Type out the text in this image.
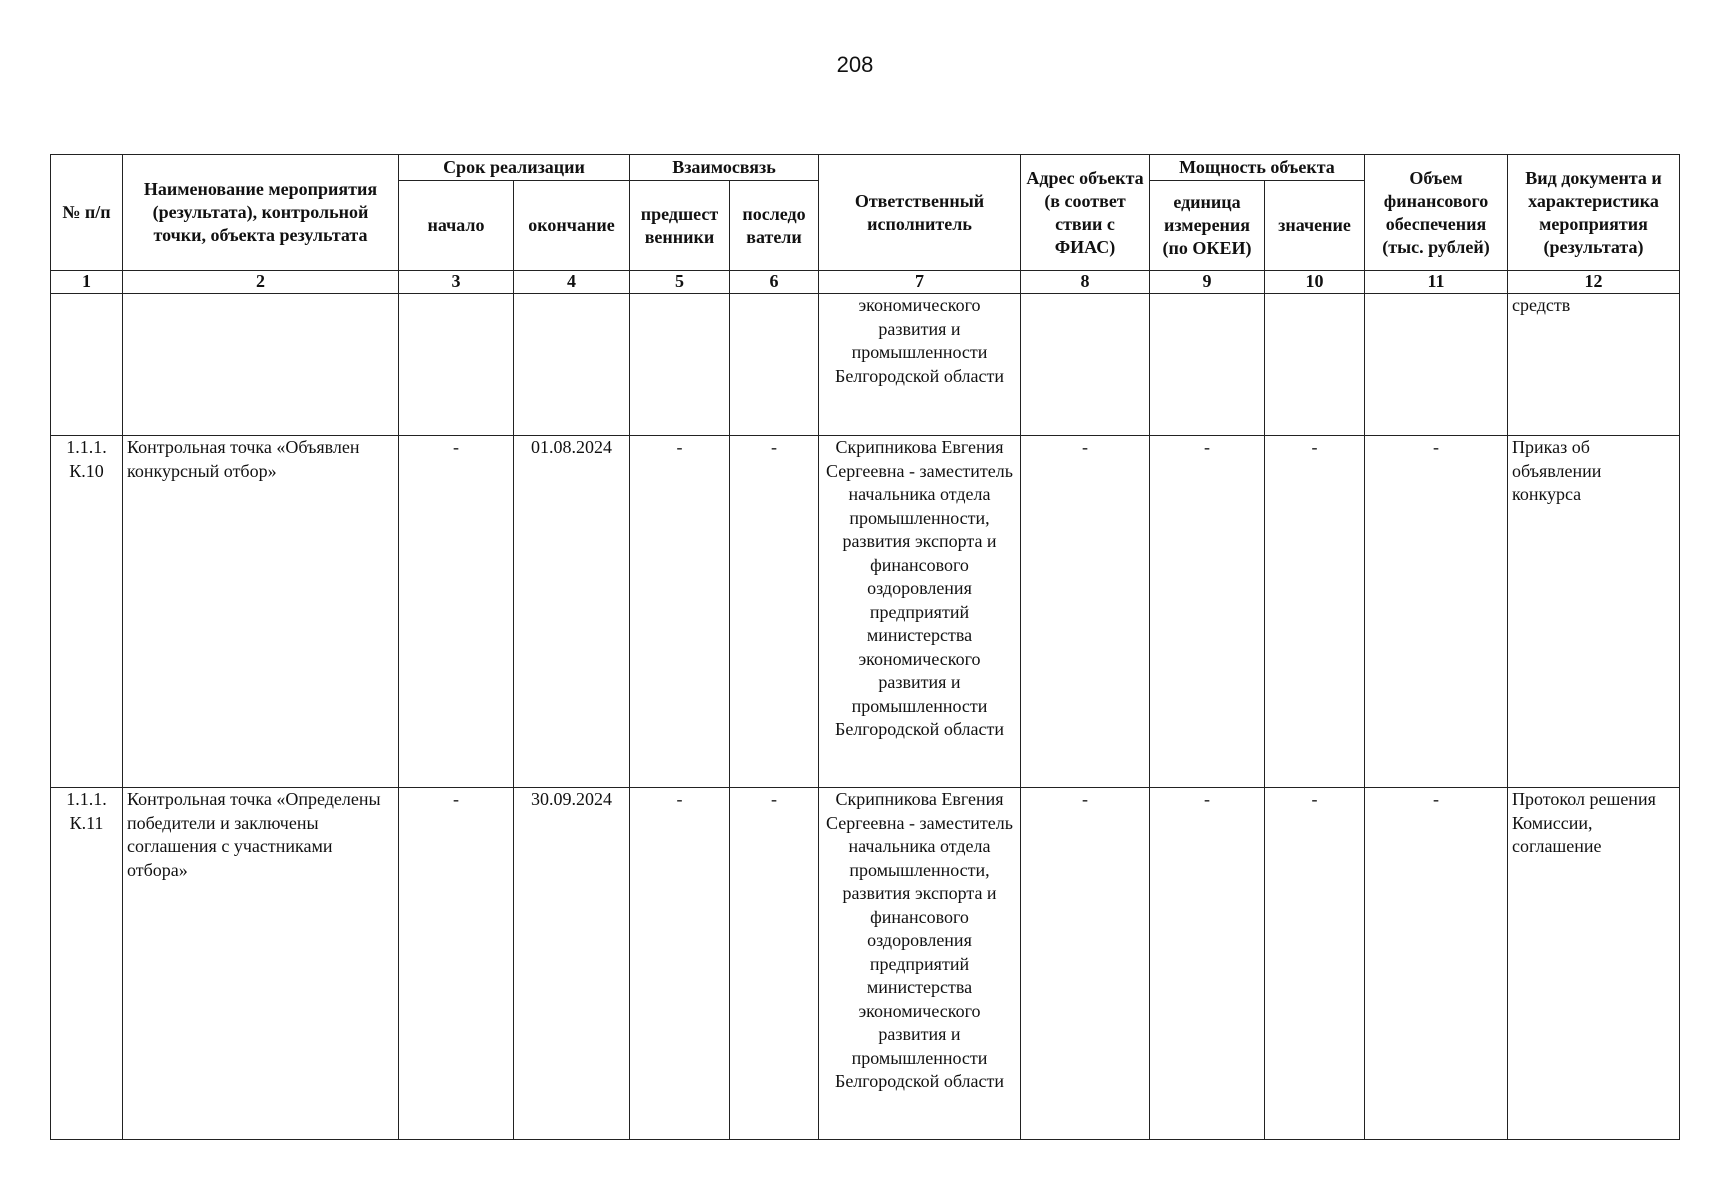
208
№ п/п	Наименование мероприятия (результата), контрольной точки, объекта результата	Срок реализации		Взаимосвязь		Ответственный исполнитель	Адрес объекта (в соответ ствии с ФИАС)	Мощность объекта		Объем финансового обеспечения (тыс. рублей)	Вид документа и характеристика мероприятия (результата)
		начало	окончание	предшест венники	последо ватели			единица измерения (по ОКЕИ)	значение		
1	2	3	4	5	6	7	8	9	10	11	12
						экономического развития и промышленности Белгородской области					средств
1.1.1. К.10	Контрольная точка «Объявлен конкурсный отбор»	-	01.08.2024	-	-	Скрипникова Евгения Сергеевна - заместитель начальника отдела промышленности, развития экспорта и финансового оздоровления предприятий министерства экономического развития и промышленности Белгородской области	-	-	-	-	Приказ об объявлении конкурса
1.1.1. К.11	Контрольная точка «Определены победители и заключены соглашения с участниками отбора»	-	30.09.2024	-	-	Скрипникова Евгения Сергеевна - заместитель начальника отдела промышленности, развития экспорта и финансового оздоровления предприятий министерства экономического развития и промышленности Белгородской области	-	-	-	-	Протокол решения Комиссии, соглашение
